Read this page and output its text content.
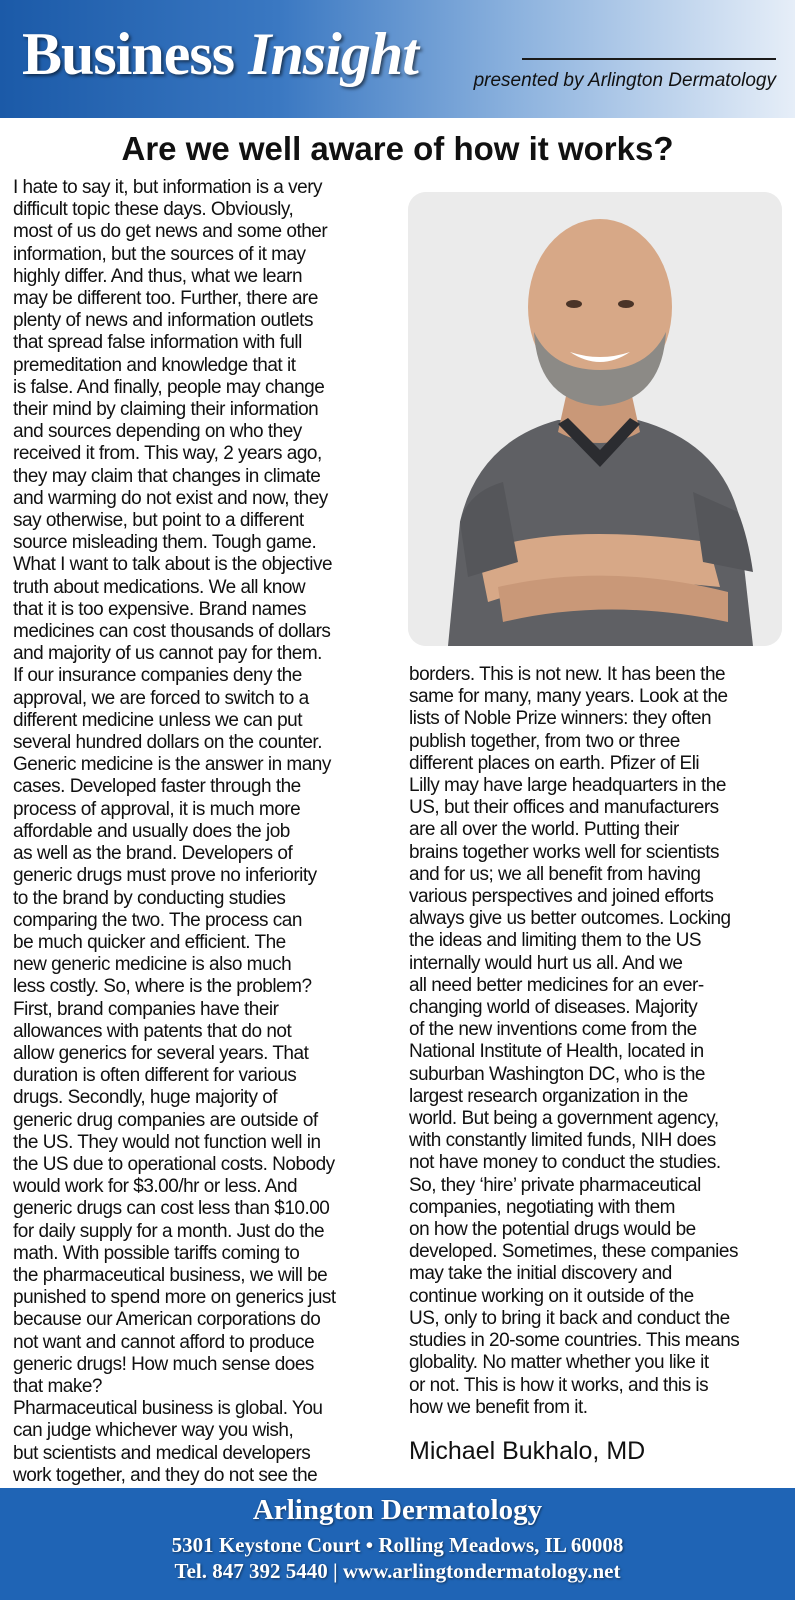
Business Insight	presented by Arlington Dermatology
Are we well aware of how it works?
I hate to say it, but information is a very
difficult topic these days. Obviously,
most of us do get news and some other
information, but the sources of it may
highly differ. And thus, what we learn
may be different too. Further, there are
plenty of news and information outlets
that spread false information with full
premeditation and knowledge that it
is false. And finally, people may change
their mind by claiming their information
and sources depending on who they
received it from. This way, 2 years ago,
they may claim that changes in climate
and warming do not exist and now, they
say otherwise, but point to a different
source misleading them. Tough game.
What I want to talk about is the objective
truth about medications. We all know
that it is too expensive. Brand names
medicines can cost thousands of dollars
and majority of us cannot pay for them.
If our insurance companies deny the
approval, we are forced to switch to a
different medicine unless we can put
several hundred dollars on the counter.
Generic medicine is the answer in many
cases. Developed faster through the
process of approval, it is much more
affordable and usually does the job
as well as the brand. Developers of
generic drugs must prove no inferiority
to the brand by conducting studies
comparing the two. The process can
be much quicker and efficient. The
new generic medicine is also much
less costly. So, where is the problem?
First, brand companies have their
allowances with patents that do not
allow generics for several years. That
duration is often different for various
drugs. Secondly, huge majority of
generic drug companies are outside of
the US. They would not function well in
the US due to operational costs. Nobody
would work for $3.00/hr or less. And
generic drugs can cost less than $10.00
for daily supply for a month. Just do the
math. With possible tariffs coming to
the pharmaceutical business, we will be
punished to spend more on generics just
because our American corporations do
not want and cannot afford to produce
generic drugs! How much sense does
that make?
Pharmaceutical business is global. You
can judge whichever way you wish,
but scientists and medical developers
work together, and they do not see the
borders. This is not new. It has been the
same for many, many years. Look at the
lists of Noble Prize winners: they often
publish together, from two or three
different places on earth. Pfizer of Eli
Lilly may have large headquarters in the
US, but their offices and manufacturers
are all over the world. Putting their
brains together works well for scientists
and for us; we all benefit from having
various perspectives and joined efforts
always give us better outcomes. Locking
the ideas and limiting them to the US
internally would hurt us all. And we
all need better medicines for an ever-
changing world of diseases. Majority
of the new inventions come from the
National Institute of Health, located in
suburban Washington DC, who is the
largest research organization in the
world. But being a government agency,
with constantly limited funds, NIH does
not have money to conduct the studies.
So, they ‘hire’ private pharmaceutical
companies, negotiating with them
on how the potential drugs would be
developed. Sometimes, these companies
may take the initial discovery and
continue working on it outside of the
US, only to bring it back and conduct the
studies in 20-some countries. This means
globality. No matter whether you like it
or not. This is how it works, and this is
how we benefit from it.
Michael Bukhalo, MD
Arlington Dermatology
5301 Keystone Court • Rolling Meadows, IL 60008
Tel. 847 392 5440 | www.arlingtondermatology.net
